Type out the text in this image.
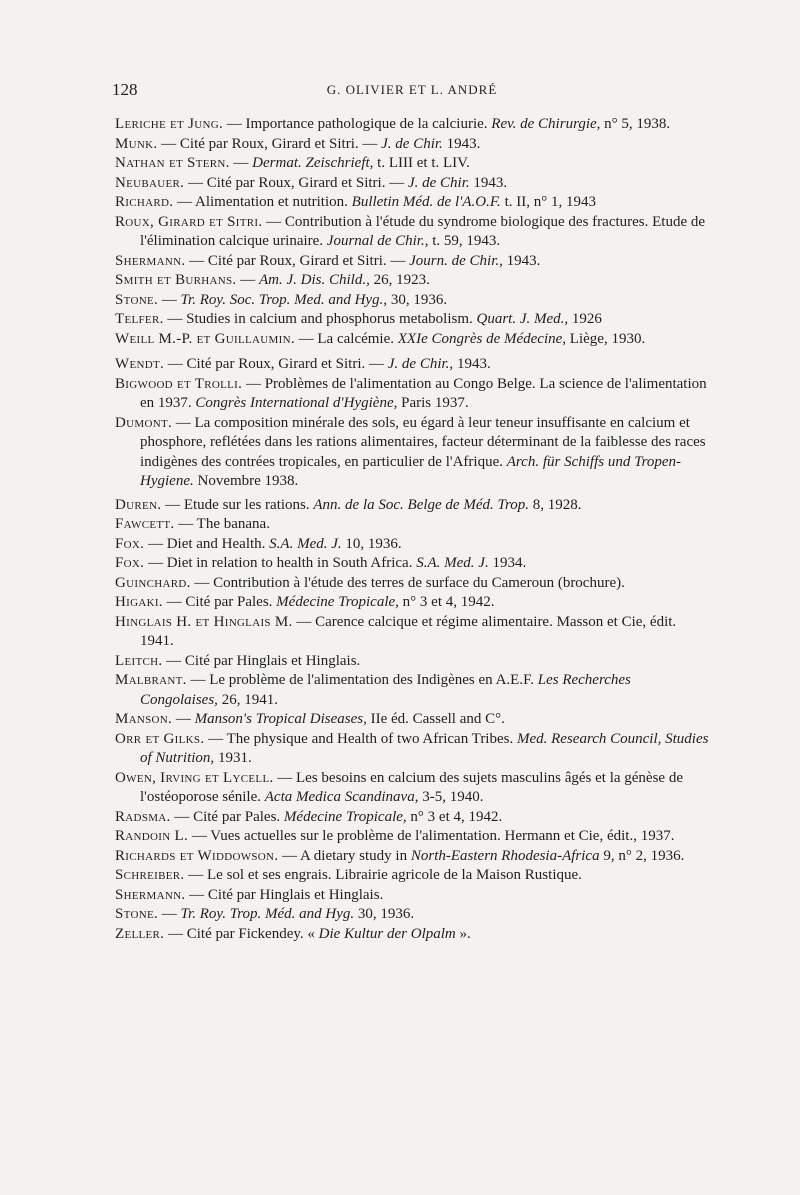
128	G. OLIVIER ET L. ANDRÉ
Leriche et Jung. — Importance pathologique de la calciurie. Rev. de Chirurgie, n° 5, 1938.
Munk. — Cité par Roux, Girard et Sitri. — J. de Chir. 1943.
Nathan et Stern. — Dermat. Zeischrieft, t. LIII et t. LIV.
Neubauer. — Cité par Roux, Girard et Sitri. — J. de Chir. 1943.
Richard. — Alimentation et nutrition. Bulletin Méd. de l'A.O.F. t. II, n° 1, 1943
Roux, Girard et Sitri. — Contribution à l'étude du syndrome biologique des fractures. Etude de l'élimination calcique urinaire. Journal de Chir., t. 59, 1943.
Shermann. — Cité par Roux, Girard et Sitri. — Journ. de Chir., 1943.
Smith et Burhans. — Am. J. Dis. Child., 26, 1923.
Stone. — Tr. Roy. Soc. Trop. Med. and Hyg., 30, 1936.
Telfer. — Studies in calcium and phosphorus metabolism. Quart. J. Med., 1926
Weill M.-P. et Guillaumin. — La calcémie. XXIe Congrès de Médecine, Liège, 1930.
Wendt. — Cité par Roux, Girard et Sitri. — J. de Chir., 1943.
Bigwood et Trolli. — Problèmes de l'alimentation au Congo Belge. La science de l'alimentation en 1937. Congrès International d'Hygiène, Paris 1937.
Dumont. — La composition minérale des sols, eu égard à leur teneur insuffisante en calcium et phosphore, reflétées dans les rations alimentaires, facteur déterminant de la faiblesse des races indigènes des contrées tropicales, en particulier de l'Afrique. Arch. für Schiffs und Tropen-Hygiene. Novembre 1938.
Duren. — Etude sur les rations. Ann. de la Soc. Belge de Méd. Trop. 8, 1928.
Fawcett. — The banana.
Fox. — Diet and Health. S.A. Med. J. 10, 1936.
Fox. — Diet in relation to health in South Africa. S.A. Med. J. 1934.
Guinchard. — Contribution à l'étude des terres de surface du Cameroun (brochure).
Higaki. — Cité par Pales. Médecine Tropicale, n° 3 et 4, 1942.
Hinglais H. et Hinglais M. — Carence calcique et régime alimentaire. Masson et Cie, édit. 1941.
Leitch. — Cité par Hinglais et Hinglais.
Malbrant. — Le problème de l'alimentation des Indigènes en A.E.F. Les Recherches Congolaises, 26, 1941.
Manson. — Manson's Tropical Diseases, IIe éd. Cassell and C°.
Orr et Gilks. — The physique and Health of two African Tribes. Med. Research Council, Studies of Nutrition, 1931.
Owen, Irving et Lycell. — Les besoins en calcium des sujets masculins âgés et la génèse de l'ostéoporose sénile. Acta Medica Scandinava, 3-5, 1940.
Radsma. — Cité par Pales. Médecine Tropicale, n° 3 et 4, 1942.
Randoin L. — Vues actuelles sur le problème de l'alimentation. Hermann et Cie, édit., 1937.
Richards et Widdowson. — A dietary study in North-Eastern Rhodesia-Africa 9, n° 2, 1936.
Schreiber. — Le sol et ses engrais. Librairie agricole de la Maison Rustique.
Shermann. — Cité par Hinglais et Hinglais.
Stone. — Tr. Roy. Trop. Méd. and Hyg. 30, 1936.
Zeller. — Cité par Fickendey. « Die Kultur der Olpalm ».
